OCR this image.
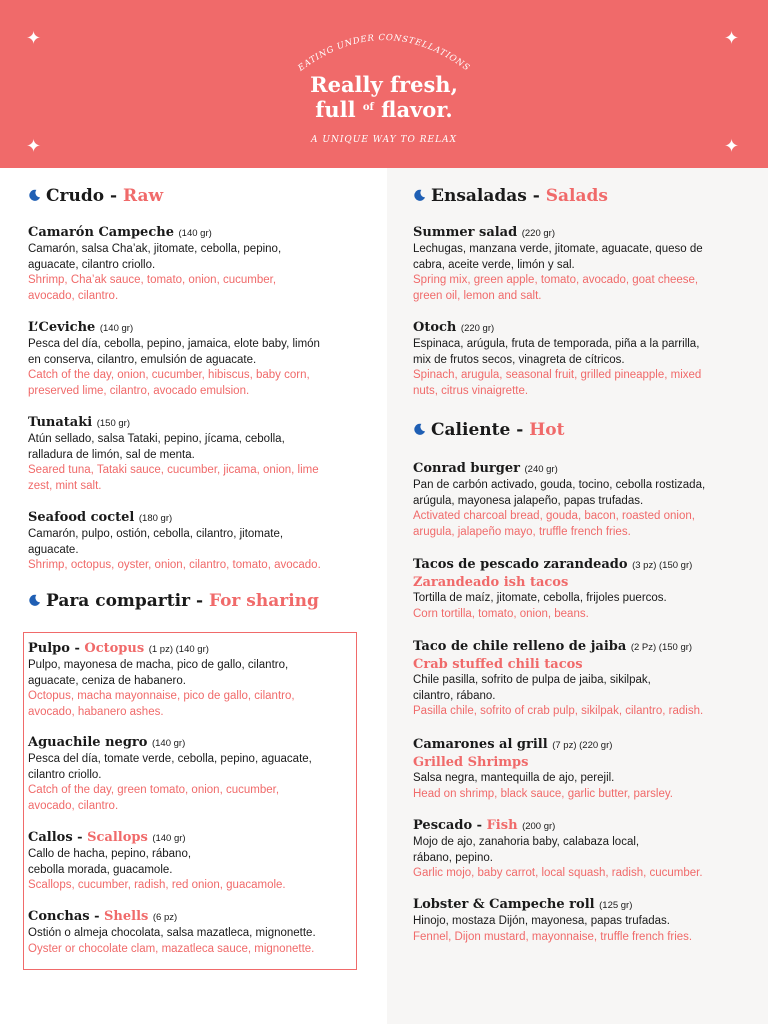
✦	✦
✦	✦
EATING UNDER CONSTELLATIONS
Really fresh,
full $^{of}$ flavor.
A UNIQUE WAY TO RELAX
Crudo - Raw
Para compartir - For sharing
Ensaladas - Salads
Caliente - Hot
Camarón Campeche (140 gr)
Camarón, salsa Cha’ak, jitomate, cebolla, pepino,
aguacate, cilantro criollo.
Shrimp, Cha’ak sauce, tomato, onion, cucumber,
avocado, cilantro.
L’Ceviche (140 gr)
Pesca del día, cebolla, pepino, jamaica, elote baby, limón
en conserva, cilantro, emulsión de aguacate.
Catch of the day, onion, cucumber, hibiscus, baby corn,
preserved lime, cilantro, avocado emulsion.
Tunataki (150 gr)
Atún sellado, salsa Tataki, pepino, jícama, cebolla,
ralladura de limón, sal de menta.
Seared tuna, Tataki sauce, cucumber, jicama, onion, lime
zest, mint salt.
Seafood coctel (180 gr)
Camarón, pulpo, ostión, cebolla, cilantro, jitomate,
aguacate.
Shrimp, octopus, oyster, onion, cilantro, tomato, avocado.
Pulpo - Octopus (1 pz) (140 gr)
Pulpo, mayonesa de macha, pico de gallo, cilantro,
aguacate, ceniza de habanero.
Octopus, macha mayonnaise, pico de gallo, cilantro,
avocado, habanero ashes.
Aguachile negro (140 gr)
Pesca del día, tomate verde, cebolla, pepino, aguacate,
cilantro criollo.
Catch of the day, green tomato, onion, cucumber,
avocado, cilantro.
Callos - Scallops (140 gr)
Callo de hacha, pepino, rábano,
cebolla morada, guacamole.
Scallops, cucumber, radish, red onion, guacamole.
Conchas - Shells (6 pz)
Ostión o almeja chocolata, salsa mazatleca, mignonette.
Oyster or chocolate clam, mazatleca sauce, mignonette.
Summer salad (220 gr)
Lechugas, manzana verde, jitomate, aguacate, queso de
cabra, aceite verde, limón y sal.
Spring mix, green apple, tomato, avocado, goat cheese,
green oil, lemon and salt.
Otoch (220 gr)
Espinaca, arúgula, fruta de temporada, piña a la parrilla,
mix de frutos secos, vinagreta de cítricos.
Spinach, arugula, seasonal fruit, grilled pineapple, mixed
nuts, citrus vinaigrette.
Conrad burger (240 gr)
Pan de carbón activado, gouda, tocino, cebolla rostizada,
arúgula, mayonesa jalapeño, papas trufadas.
Activated charcoal bread, gouda, bacon, roasted onion,
arugula, jalapeño mayo, truffle french fries.
Tacos de pescado zarandeado (3 pz) (150 gr)
Zarandeado ish tacos
Tortilla de maíz, jitomate, cebolla, frijoles puercos.
Corn tortilla, tomato, onion, beans.
Taco de chile relleno de jaiba (2 Pz) (150 gr)
Crab stuffed chili tacos
Chile pasilla, sofrito de pulpa de jaiba, sikilpak,
cilantro, rábano.
Pasilla chile, sofrito of crab pulp, sikilpak, cilantro, radish.
Camarones al grill (7 pz) (220 gr)
Grilled Shrimps
Salsa negra, mantequilla de ajo, perejil.
Head on shrimp, black sauce, garlic butter, parsley.
Pescado - Fish (200 gr)
Mojo de ajo, zanahoria baby, calabaza local,
rábano, pepino.
Garlic mojo, baby carrot, local squash, radish, cucumber.
Lobster & Campeche roll (125 gr)
Hinojo, mostaza Dijón, mayonesa, papas trufadas.
Fennel, Dijon mustard, mayonnaise, truffle french fries.
